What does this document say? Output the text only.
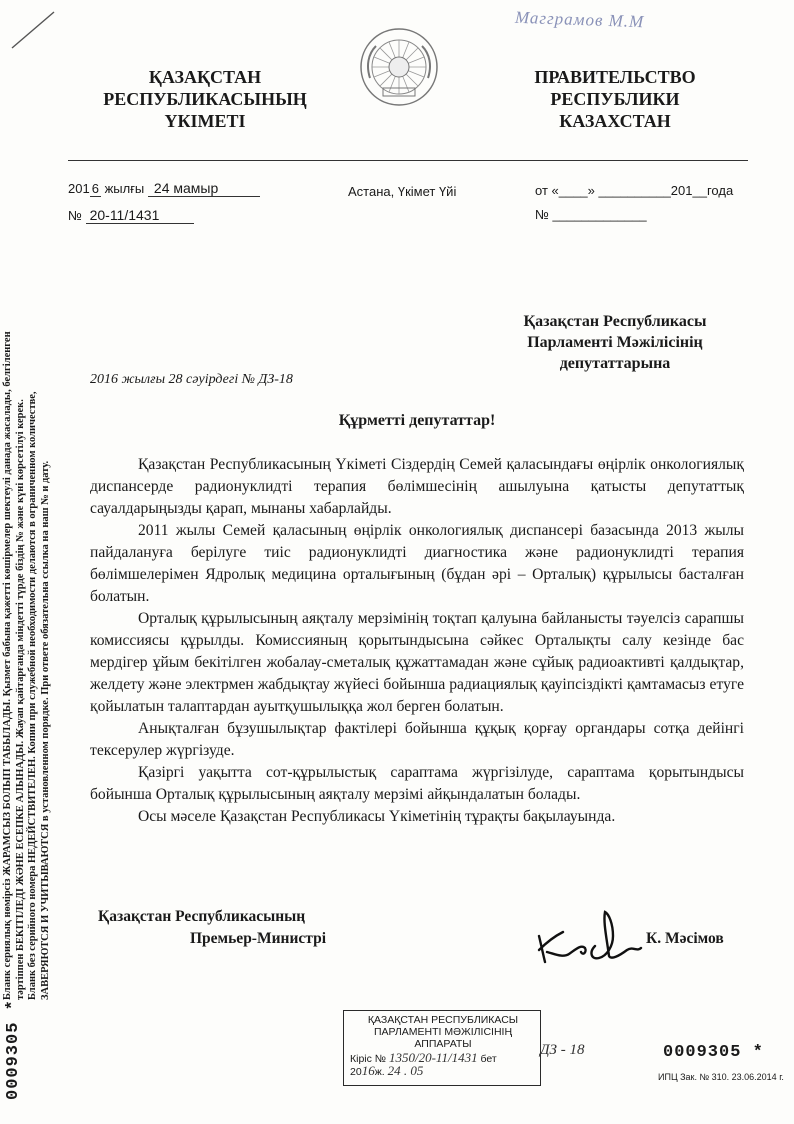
Магграмов М.М
ҚАЗАҚСТАН
РЕСПУБЛИКАСЫНЫҢ
ҮКІМЕТІ
ПРАВИТЕЛЬСТВО
РЕСПУБЛИКИ
КАЗАХСТАН
201 6 жылғы 24 мамыр
№ 20-11/1431
Астана, Үкімет Үйі	от «____» __________201__года
№ _____________
Бланк сериялық нөмірсіз ЖАРАМСЫЗ БОЛЫП ТАБЫЛАДЫ. Қызмет бабына қажетті көшірмелер шектеулі данада жасалады, белгіленген тәртіппен БЕКІТІЛЕДІ ЖӘНЕ ЕСЕПКЕ АЛЫНАДЫ. Жауап қайтарғанда міндетті түрде біздің № және күні көрсетілуі керек. Бланк без серийного номера НЕДЕЙСТВИТЕЛЕН. Копии при служебной необходимости делаются в ограниченном количестве, ЗАВЕРЯЮТСЯ И УЧИТЫВАЮТСЯ в установленном порядке. При ответе обязательна ссылка на наш № и дату.
0009305 *
Қазақстан Республикасы
Парламенті Мәжілісінің
депутаттарына
2016 жылғы 28 сәуірдегі № ДЗ-18
Құрметті депутаттар!

Қазақстан Республикасының Үкіметі Сіздердің Семей қаласындағы өңірлік онкологиялық диспансерде радионуклидті терапия бөлімшесінің ашылуына қатысты депутаттық сауалдарыңызды қарап, мынаны хабарлайды.

2011 жылы Семей қаласының өңірлік онкологиялық диспансері базасында 2013 жылы пайдалануға берілуге тиіс радионуклидті диагностика және радионуклидті терапия бөлімшелерімен Ядролық медицина орталығының (бұдан әрі – Орталық) құрылысы басталған болатын.

Орталық құрылысының аяқталу мерзімінің тоқтап қалуына байланысты тәуелсіз сарапшы комиссиясы құрылды. Комиссияның қорытындысына сәйкес Орталықты салу кезінде бас мердігер ұйым бекітілген жобалау-сметалық құжаттамадан және сұйық радиоактивті қалдықтар, желдету және электрмен жабдықтау жүйесі бойынша радиациялық қауіпсіздікті қамтамасыз етуге қойылатын талаптардан ауытқушылыққа жол берген болатын.

Анықталған бұзушылықтар фактілері бойынша құқық қорғау органдары сотқа дейінгі тексерулер жүргізуде.

Қазіргі уақытта сот-құрылыстық сараптама жүргізілуде, сараптама қорытындысы бойынша Орталық құрылысының аяқталу мерзімі айқындалатын болады.

Осы мәселе Қазақстан Республикасы Үкіметінің тұрақты бақылауында.

Қазақстан Республикасының
Премьер-Министрі	К. Мәсімов
ҚАЗАҚСТАН РЕСПУБЛИКАСЫ
ПАРЛАМЕНТІ МӘЖІЛІСІНІҢ
АППАРАТЫ
Кіріс № 1350/20-11/1431 бет
2016ж. 24 . 05
ДЗ - 18	0009305 *
ИПЦ Зак. № 310. 23.06.2014 г.
